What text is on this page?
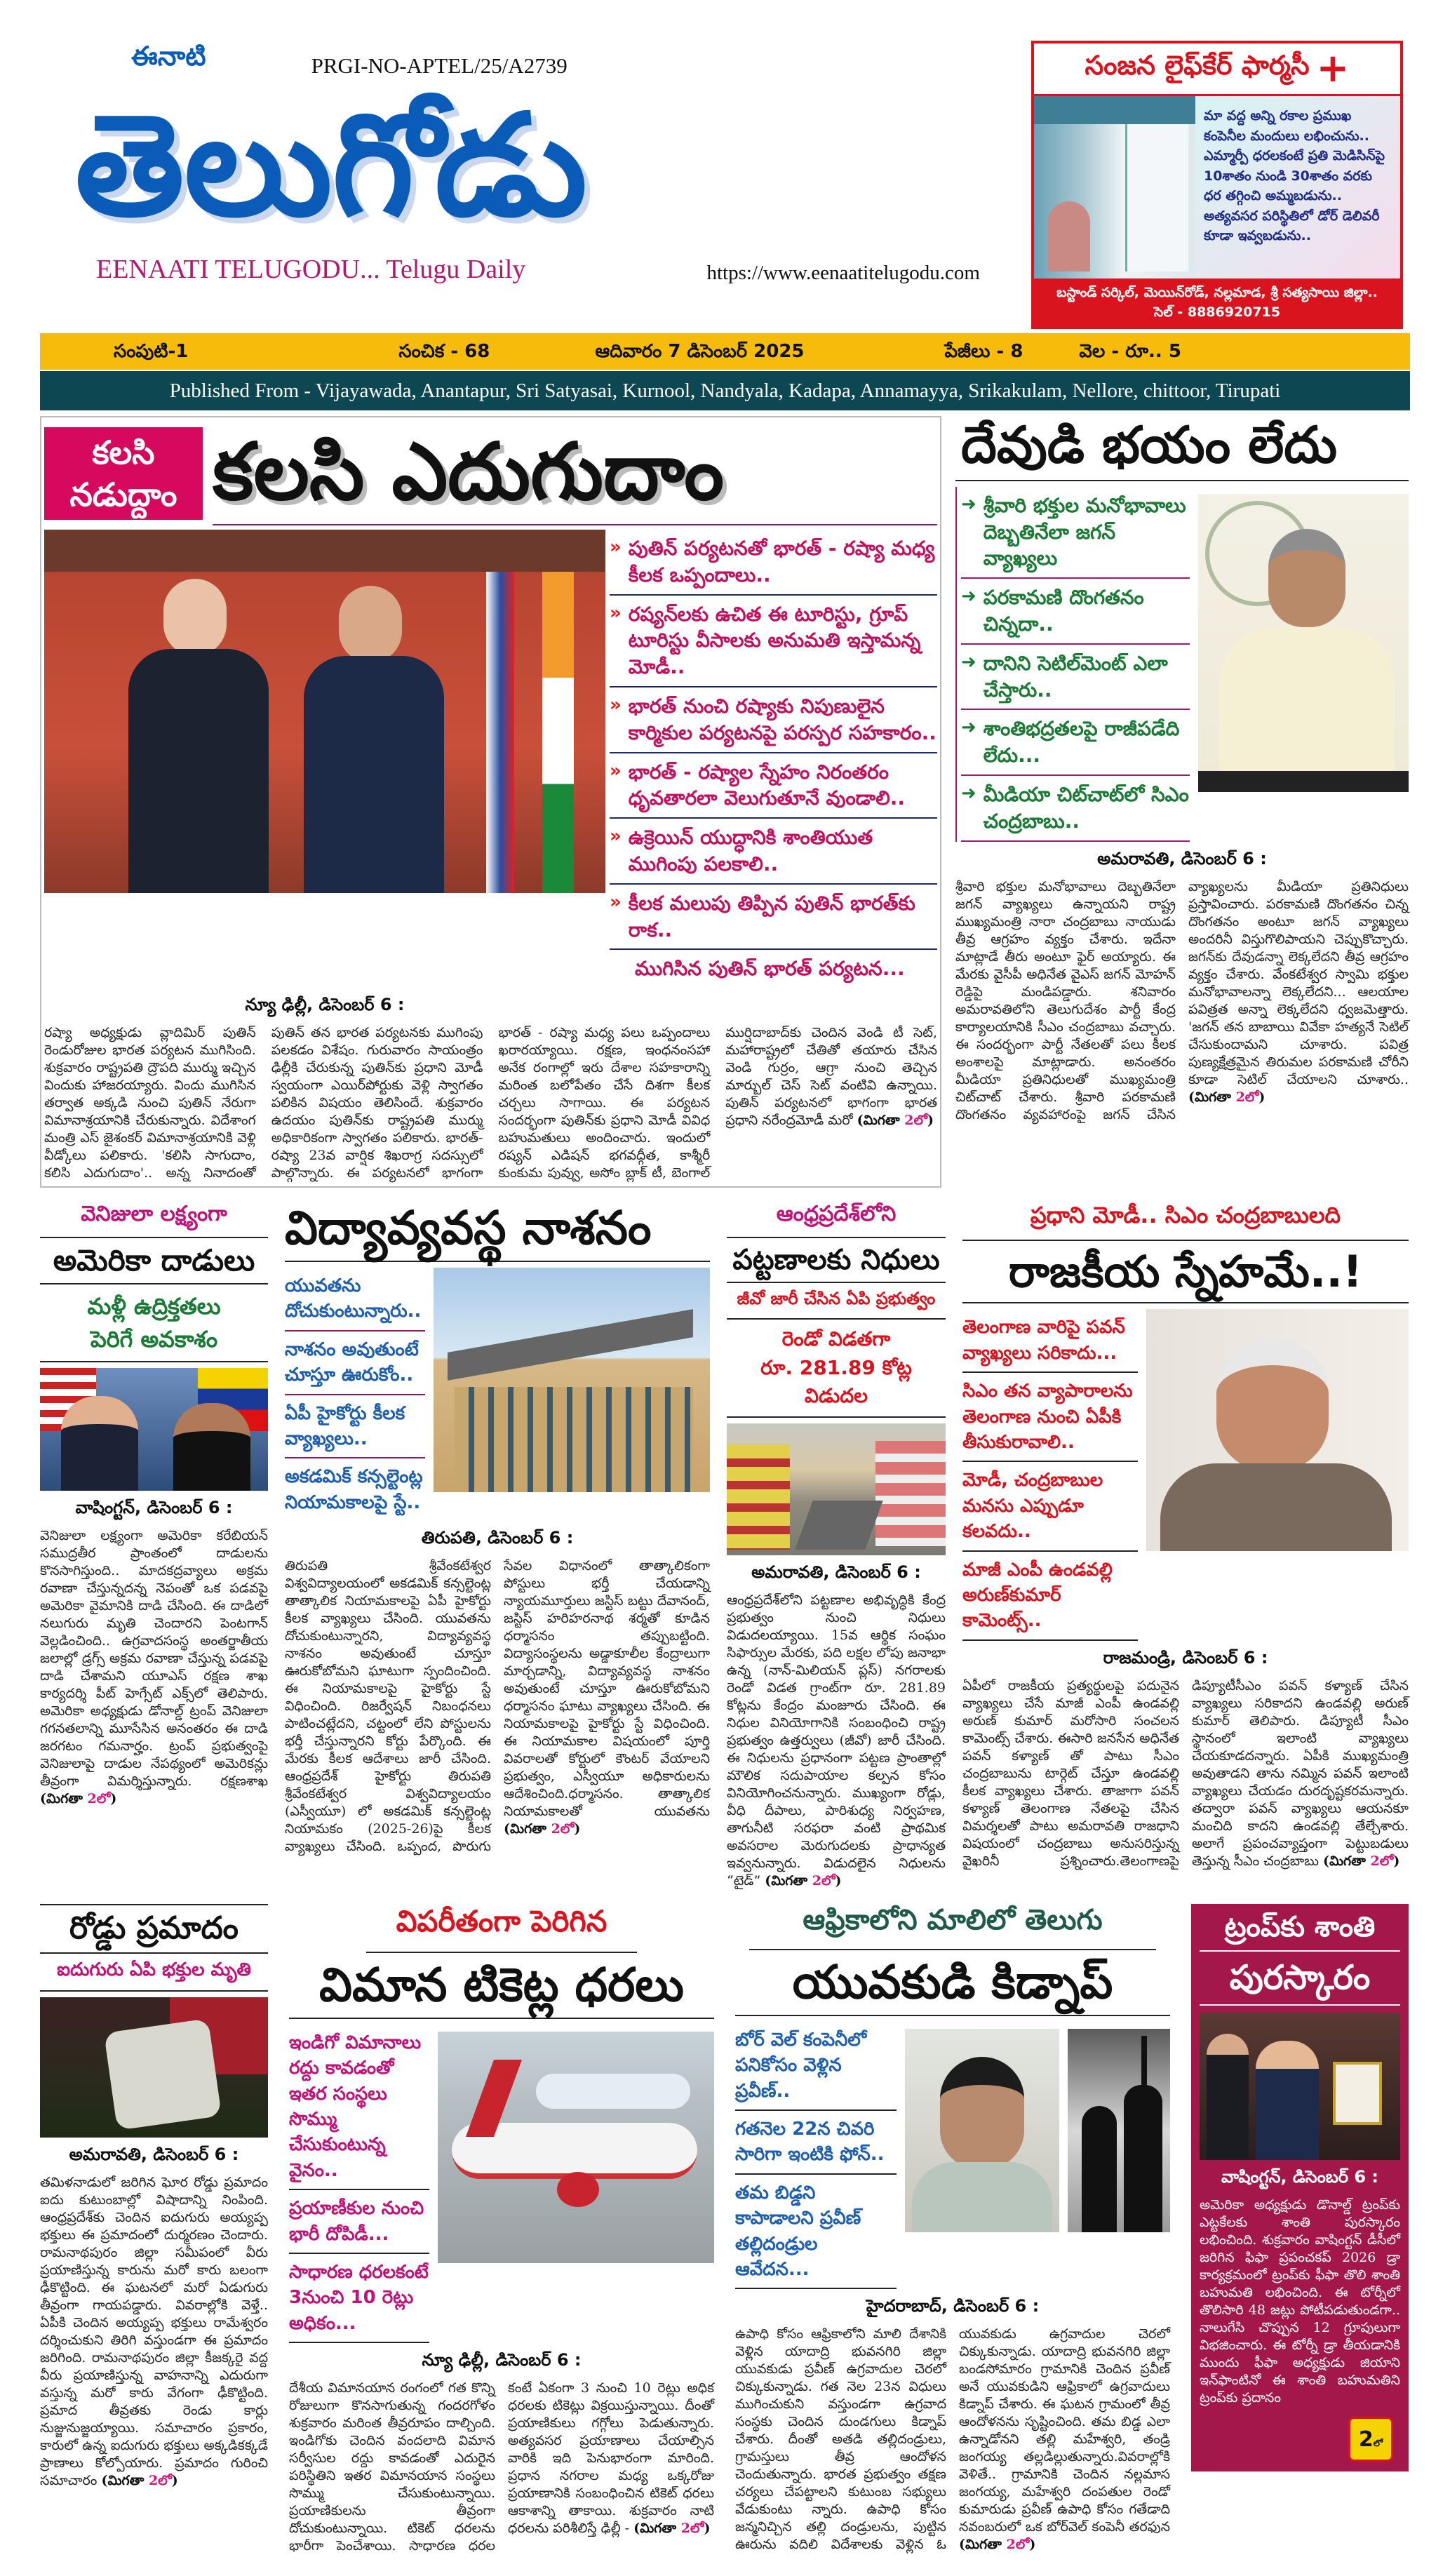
ఈనాటి	PRGI-NO-APTEL/25/A2739
తెలుగోడు
EENAATI TELUGODU... Telugu Daily	https://www.eenaatitelugodu.com
సంజన లైఫ్‌కేర్ ఫార్మసీ +
మా వద్ద అన్ని రకాల ప్రముఖ కంపెనీల మందులు లభించును..
ఎమ్మార్పీ ధరలకంటే ప్రతి మెడిసిన్‌పై 10శాతం నుండి 30శాతం వరకు ధర తగ్గించి అమ్మబడును..
అత్యవసర పరిస్థితిలో డోర్ డెలివరీ కూడా ఇవ్వబడును..
బస్టాండ్ సర్కిల్, మెయిన్‌రోడ్, నల్లమాడ, శ్రీ సత్యసాయి జిల్లా..
సెల్ - 8886920715
సంపుటి-1	సంచిక - 68	ఆదివారం 7 డిసెంబర్ 2025	పేజీలు - 8	వెల - రూ.. 5
Published From - Vijayawada, Anantapur, Sri Satyasai, Kurnool, Nandyala, Kadapa, Annamayya, Srikakulam, Nellore, chittoor, Tirupati
కలసి నడుద్దాం కలసి ఎదుగుదాం
» పుతిన్ పర్యటనతో భారత్ - రష్యా మధ్య కీలక ఒప్పందాలు..
» రష్యన్‌లకు ఉచిత ఈ టూరిస్టు, గ్రూప్ టూరిస్టు వీసాలకు అనుమతి ఇస్తామన్న మోడీ..
» భారత్ నుంచి రష్యాకు నిపుణులైన కార్మికుల పర్యటనపై పరస్పర సహకారం..
» భారత్ - రష్యాల స్నేహం నిరంతరం ధృవతారలా వెలుగుతూనే వుండాలి..
» ఉక్రెయిన్ యుద్ధానికి శాంతియుత ముగింపు పలకాలి..
» కీలక మలుపు తిప్పిన పుతిన్ భారత్‌కు రాక..
ముగిసిన పుతిన్ భారత్ పర్యటన...
న్యూ ఢిల్లీ, డిసెంబర్ 6 :

రష్యా అధ్యక్షుడు వ్లాదిమిర్ పుతిన్ రెండురోజుల భారత పర్యటన ముగిసింది. శుక్రవారం రాష్ట్రపతి ద్రౌపది ముర్ము ఇచ్చిన విందుకు హాజరయ్యారు. విందు ముగిసిన తర్వాత అక్కడి నుంచి పుతిన్ నేరుగా విమానాశ్రయానికి చేరుకున్నారు. విదేశాంగ మంత్రి ఎస్ జైశంకర్ విమానాశ్రయానికి వెళ్లి వీడ్కోలు పలికారు. 'కలిసి సాగుదాం, కలిసి ఎదుగుదాం'.. అన్న నినాదంతో పుతిన్ తన భారత పర్యటనకు ముగింపు పలకడం విశేషం. గురువారం సాయంత్రం ఢిల్లీకి చేరుకున్న పుతిన్‌కు ప్రధాని మోడీ స్వయంగా ఎయిర్‌పోర్టుకు వెళ్లి స్వాగతం పలికిన విషయం తెలిసిందే. శుక్రవారం ఉదయం పుతిన్‌కు రాష్ట్రపతి ముర్ము అధికారికంగా స్వాగతం పలికారు. భారత్- రష్యా 23వ వార్షిక శిఖరాగ్ర సదస్సులో పాల్గొన్నారు. ఈ పర్యటనలో భాగంగా భారత్ - రష్యా మధ్య పలు ఒప్పందాలు ఖరారయ్యాయి. రక్షణ, ఇంధనంసహా అనేక రంగాల్లో ఇరు దేశాల సహకారాన్ని మరింత బలోపేతం చేసే దిశగా కీలక చర్చలు సాగాయి. ఈ పర్యటన సందర్భంగా పుతిన్‌కు ప్రధాని మోడీ వివిధ బహుమతులు అందించారు. ఇందులో రష్యన్ ఎడిషన్ భగవద్గీత, కాశ్మీరీ కుంకుమ పువ్వు, అసోం బ్లాక్ టీ, బెంగాల్ ముర్షిదాబాద్‌కు చెందిన వెండి టీ సెట్, మహారాష్ట్రలో చేతితో తయారు చేసిన వెండి గుర్రం, ఆగ్రా నుంచి తెచ్చిన మార్బుల్ చెస్ సెట్ వంటివి ఉన్నాయి. పుతిన్ పర్యటనలో భాగంగా భారత ప్రధాని నరేంద్రమోడీ మరో (మిగతా 2లో)

దేవుడి భయం లేదు
➜ శ్రీవారి భక్తుల మనోభావాలు దెబ్బతినేలా జగన్ వ్యాఖ్యలు
➜ పరకామణి దొంగతనం చిన్నదా..
➜ దానిని సెటిల్‌మెంట్ ఎలా చేస్తారు..
➜ శాంతిభద్రతలపై రాజీపడేది లేదు...
➜ మీడియా చిట్‌చాట్‌లో సిఎం చంద్రబాబు..
అమరావతి, డిసెంబర్ 6 :

శ్రీవారి భక్తుల మనోభావాలు దెబ్బతినేలా జగన్ వ్యాఖ్యలు ఉన్నాయని రాష్ట్ర ముఖ్యమంత్రి నారా చంద్రబాబు నాయుడు తీవ్ర ఆగ్రహం వ్యక్తం చేశారు. ఇదేనా మాట్లాడే తీరు అంటూ ఫైర్ అయ్యారు. ఈ మేరకు వైసీపీ అధినేత వైఎస్ జగన్ మోహన్ రెడ్డిపై మండిపడ్డారు. శనివారం అమరావతిలోని తెలుగుదేశం పార్టీ కేంద్ర కార్యాలయానికి సీఎం చంద్రబాబు వచ్చారు. ఈ సందర్భంగా పార్టీ నేతలతో పలు కీలక అంశాలపై మాట్లాడారు. అనంతరం మీడియా ప్రతినిధులతో ముఖ్యమంత్రి చిట్‌చాట్ చేశారు. శ్రీవారి పరకామణి దొంగతనం వ్యవహారంపై జగన్ చేసిన వ్యాఖ్యలను మీడియా ప్రతినిధులు ప్రస్తావించారు. పరకామణి దొంగతనం చిన్న దొంగతనం అంటూ జగన్ వ్యాఖ్యలు అందరినీ విస్తుగొలిపాయని చెప్పుకొచ్చారు. జగన్‌కు దేవుడన్నా లెక్కలేదని తీవ్ర ఆగ్రహం వ్యక్తం చేశారు. వేంకటేశ్వర స్వామి భక్తుల మనోభావాలన్నా లెక్కలేదని... ఆలయాల పవిత్రత అన్నా లెక్కలేదని ధ్వజమెత్తారు. 'జగన్ తన బాబాయి వివేకా హత్యనే సెటిల్ చేసుకుందామని చూశారు. పవిత్ర పుణ్యక్షేత్రమైన తిరుమల పరకామణి చోరీని కూడా సెటిల్ చేయాలని చూశారు.. (మిగతా 2లో)

వెనిజులా లక్ష్యంగా
అమెరికా దాడులు
మళ్లీ ఉద్రిక్తతలు
పెరిగే అవకాశం
వాషింగ్టన్, డిసెంబర్ 6 :

వెనిజులా లక్ష్యంగా అమెరికా కరేబియన్ సముద్రతీర ప్రాంతంలో దాడులను కొనసాగిస్తుంది.. మాదకద్రవ్యాలు అక్రమ రవాణా చేస్తున్నదన్న నెపంతో ఒక పడవపై అమెరికా వైమానికి దాడి చేసింది. ఈ దాడిలో నలుగురు మృతి చెందారని పెంటగాన్ వెల్లడించింది.. ఉగ్రవాదసంస్థ అంతర్జాతీయ జలాల్లో డ్రగ్స్ అక్రమ రవాణా చేస్తున్న పడవపై దాడి చేశామని యూఎస్ రక్షణ శాఖ కార్యదర్శి పీట్ హెగ్సేట్ ఎక్స్‌లో తెలిపారు. అమెరికా అధ్యక్షుడు డోనాల్డ్ ట్రంప్ వెనిజులా గగనతలాన్ని మూసేసిన అనంతరం ఈ దాడి జరగటం గమనార్హం. ట్రంప్ ప్రభుత్వంపై వెనిజులాపై దాడుల నేపథ్యంలో అమెరికన్లు తీవ్రంగా విమర్శిస్తున్నారు. రక్షణశాఖ (మిగతా 2లో)

విద్యావ్యవస్థ నాశనం
యువతను దోచుకుంటున్నారు..
నాశనం అవుతుంటే చూస్తూ ఊరుకోం..
ఏపీ హైకోర్టు కీలక వ్యాఖ్యలు..
అకడమిక్ కన్సల్టెంట్ల నియామకాలపై స్టే..
తిరుపతి, డిసెంబర్ 6 :

తిరుపతి శ్రీవేంకటేశ్వర విశ్వవిద్యాలయంలో అకడమిక్ కన్సల్టెంట్ల తాత్కాలిక నియామకాలపై ఏపీ హైకోర్టు కీలక వ్యాఖ్యలు చేసింది. యువతను దోచుకుంటున్నారని, విద్యావ్యవస్థ నాశనం అవుతుంటే చూస్తూ ఊరుకోబోమని ఘాటుగా స్పందించింది. ఈ నియామకాలపై హైకోర్టు స్టే విధించింది. రిజర్వేషన్ నిబంధనలు పాటించట్లేదని, చట్టంలో లేని పోస్టులను భర్తీ చేస్తున్నారని కోర్టు పేర్కొంది. ఈ మేరకు కీలక ఆదేశాలు జారీ చేసింది. ఆంధ్రప్రదేశ్ హైకోర్టు తిరుపతి శ్రీవేంకటేశ్వర విశ్వవిద్యాలయం (ఎస్వీయూ) లో అకడమిక్ కన్సల్టెంట్ల నియామకం (2025-26)పై కీలక వ్యాఖ్యలు చేసింది. ఒప్పంద, పొరుగు సేవల విధానంలో తాత్కాలికంగా పోస్టులు భర్తీ చేయడాన్ని న్యాయమూర్తులు జస్టిస్ బట్టు దేవానంద్, జస్టిస్ హరిహరనాథ శర్మతో కూడిన ధర్మాసనం తప్పుబట్టింది. విద్యాసంస్థలను అడ్డాకూలీల కేంద్రాలుగా మార్చడాన్ని, విద్యావ్యవస్థ నాశనం అవుతుంటే చూస్తూ ఊరుకోబోమని ధర్మాసనం ఘాటు వ్యాఖ్యలు చేసింది. ఈ నియామకాలపై హైకోర్టు స్టే విధించింది. ఈ నియామకాల విషయంలో పూర్తి వివరాలతో కోర్టులో కౌంటర్ వేయాలని ప్రభుత్వం, ఎస్వీయూ అధికారులను ఆదేశించింది.ధర్మాసనం. తాత్కాలిక నియామకాలతో యువతను (మిగతా 2లో)

ఆంధ్రప్రదేశ్‌లోని
పట్టణాలకు నిధులు
జీవో జారీ చేసిన ఏపి ప్రభుత్వం
రెండో విడతగా
రూ. 281.89 కోట్ల విడుదల
అమరావతి, డిసెంబర్ 6 :

ఆంధ్రప్రదేశ్‌లోని పట్టణాల అభివృద్ధికి కేంద్ర ప్రభుత్వం నుంచి నిధులు విడుదలయ్యాయి. 15వ ఆర్థిక సంఘం సిఫార్సుల మేరకు, పది లక్షల లోపు జనాభా ఉన్న (నాన్-మిలియన్ ప్లస్) నగరాలకు రెండో విడత గ్రాంట్‌గా రూ. 281.89 కోట్లను కేంద్రం మంజూరు చేసింది. ఈ నిధుల వినియోగానికి సంబంధించి రాష్ట్ర ప్రభుత్వం ఉత్తర్వులు (జీవో) జారీ చేసింది. ఈ నిధులను ప్రధానంగా పట్టణ ప్రాంతాల్లో మౌలిక సదుపాయాల కల్పన కోసం వినియోగించనున్నారు. ముఖ్యంగా రోడ్లు, వీధి దీపాలు, పారిశుధ్య నిర్వహణ, తాగునీటి సరఫరా వంటి ప్రాథమిక అవసరాల మెరుగుదలకు ప్రాధాన్యత ఇవ్వనున్నారు. విడుదలైన నిధులను “టైడ్” (మిగతా 2లో)

ప్రధాని మోడీ.. సిఎం చంద్రబాబులది
రాజకీయ స్నేహమే..!
తెలంగాణ వారిపై పవన్ వ్యాఖ్యలు సరికాదు...
సిఎం తన వ్యాపారాలను తెలంగాణ నుంచి ఏపీకి తీసుకురావాలి..
మోడీ, చంద్రబాబుల మనసు ఎప్పుడూ కలవదు..
మాజీ ఎంపీ ఉండవల్లి అరుణ్‌కుమార్ కామెంట్స్..
రాజమండ్రి, డిసెంబర్ 6 :

ఏపీలో రాజకీయ ప్రత్యర్థులపై పదునైన వ్యాఖ్యలు చేసే మాజీ ఎంపీ ఉండవల్లి అరుణ్ కుమార్ మరోసారి సంచలన కామెంట్స్ చేశారు. ఈసారి జనసేన అధినేత పవన్ కళ్యాణ్ తో పాటు సీఎం చంద్రబాబును టార్గెట్ చేస్తూ ఉండవల్లి కీలక వ్యాఖ్యలు చేశారు. తాజాగా పవన్ కళ్యాణ్ తెలంగాణ నేతలపై చేసిన విమర్శలతో పాటు అమరావతి రాజధాని విషయంలో చంద్రబాబు అనుసరిస్తున్న వైఖరినీ ప్రశ్నించారు.తెలంగాణపై డిప్యూటీసీఎం పవన్ కళ్యాణ్ చేసిన వ్యాఖ్యలు సరికాదని ఉండవల్లి అరుణ్ కుమార్ తెలిపారు. డిప్యూటీ సీఎం స్థానంలో ఇలాంటి వ్యాఖ్యలు చేయకూడదన్నారు. ఏపీకి ముఖ్యమంత్రి అవుతాడని తాను నమ్మిన పవన్ ఇలాంటి వ్యాఖ్యలు చేయడం దురదృష్టకరమన్నారు. తద్వారా పవన్ వ్యాఖ్యలు ఆయనకూ మంచిది కాదని ఉండవల్లి తేల్చేశారు. అలాగే ప్రపంచవ్యాప్తంగా పెట్టుబడులు తెస్తున్న సీఎం చంద్రబాబు (మిగతా 2లో)

రోడ్డు ప్రమాదం
ఐదుగురు ఏపి భక్తుల మృతి
అమరావతి, డిసెంబర్ 6 :

తమిళనాడులో జరిగిన ఘోర రోడ్డు ప్రమాదం ఐదు కుటుంబాల్లో విషాదాన్ని నింపింది. ఆంధ్రప్రదేశ్‌కు చెందిన ఐదుగురు అయ్యప్ప భక్తులు ఈ ప్రమాదంలో దుర్మరణం చెందారు. రామనాథపురం జిల్లా సమీపంలో వీరు ప్రయాణిస్తున్న కారును మరో కారు బలంగా ఢీకొట్టింది. ఈ ఘటనలో మరో ఏడుగురు తీవ్రంగా గాయపడ్డారు. వివరాల్లోకి వెళ్తే.. ఏపీకి చెందిన అయ్యప్ప భక్తులు రామేశ్వరం దర్శించుకుని తిరిగి వస్తుండగా ఈ ప్రమాదం జరిగింది. రామనాథపురం జిల్లా కీజక్కరై వద్ద వీరు ప్రయాణిస్తున్న వాహనాన్ని ఎదురుగా వస్తున్న మరో కారు వేగంగా ఢీకొట్టింది. ప్రమాద తీవ్రతకు రెండు కార్లు నుజ్జునుజ్జయ్యాయి. సమాచారం ప్రకారం, కారులో ఉన్న ఐదుగురు భక్తులు అక్కడికక్కడే ప్రాణాలు కోల్పోయారు. ప్రమాదం గురించి సమాచారం (మిగతా 2లో)

విపరీతంగా పెరిగిన
విమాన టికెట్ల ధరలు
ఇండిగో విమానాలు రద్దు కావడంతో ఇతర సంస్థలు సొమ్ము చేసుకుంటున్న వైనం..
ప్రయాణీకుల నుంచి భారీ దోపిడీ...
సాధారణ ధరలకంటే 3నుంచి 10 రెట్లు అధికం...
న్యూ ఢిల్లీ, డిసెంబర్ 6 :

దేశీయ విమానయాన రంగంలో గత కొన్ని రోజులుగా కొనసాగుతున్న గందరగోళం శుక్రవారం మరింత తీవ్రరూపం దాల్చింది. ఇండిగోకు చెందిన వందలాది విమాన సర్వీసుల రద్దు కావడంతో ఎదురైన పరిస్థితిని ఇతర విమానయాన సంస్థలు సొమ్ము చేసుకుంటున్నాయి. ప్రయాణికులను తీవ్రంగా దోచుకుంటున్నాయి. టికెట్ ధరలను భారీగా పెంచేశాయి. సాధారణ ధరల కంటే ఏకంగా 3 నుంచి 10 రెట్లు అధిక ధరలకు టికెట్లు విక్రయిస్తున్నాయి. దీంతో ప్రయాణికులు గగ్గోలు పెడుతున్నారు. అత్యవసర ప్రయాణాలు చేయాల్సిన వారికి ఇది పెనుభారంగా మారింది. ప్రధాన నగరాల మధ్య ఒక్కరోజు ప్రయాణానికి సంబంధించిన టికెట్ ధరలు ఆకాశాన్ని తాకాయి. శుక్రవారం నాటి ధరలను పరిశీలిస్తే ఢిల్లీ - (మిగతా 2లో)

ఆఫ్రికాలోని మాలిలో తెలుగు
యువకుడి కిడ్నాప్
బోర్ వెల్ కంపెనీలో పనికోసం వెళ్లిన ప్రవీణ్..
గతనెల 22న చివరి సారిగా ఇంటికి ఫోన్..
తమ బిడ్డని కాపాడాలని ప్రవీణ్ తల్లిదండ్రుల ఆవేదన...
హైదరాబాద్, డిసెంబర్ 6 :

ఉపాధి కోసం ఆఫ్రికాలోని మాలి దేశానికి వెళ్లిన యాదాద్రి భువనగిరి జిల్లా యువకుడు ప్రవీణ్ ఉగ్రవాదుల చెరలో చిక్కుకున్నాడు. గత నెల 23న విధులు ముగించుకుని వస్తుండగా ఉగ్రవాద సంస్థకు చెందిన దుండగులు కిడ్నాప్ చేశారు. దీంతో అతడి తల్లిదండ్రులు, గ్రామస్తులు తీవ్ర ఆందోళన చెందుతున్నారు. భారత ప్రభుత్వం తక్షణ చర్యలు చేపట్టాలని కుటుంబ సభ్యులు వేడుకుంటు న్నారు. ఉపాధి కోసం జన్మనిచ్చిన తల్లి దండ్రులను, పుట్టిన ఊరును వదిలి విదేశాలకు వెళ్లిన ఓ యువకుడు ఉగ్రవాదుల చెరలో చిక్కుకున్నాడు. యాదాద్రి భువనగిరి జిల్లా బండసోమారం గ్రామానికి చెందిన ప్రవీణ్ అనే యువకుడిని ఆఫ్రికాలో ఉగ్రవాదులు కిడ్నాప్ చేశారు. ఈ ఘటన గ్రామంలో తీవ్ర ఆందోళనను సృష్టించింది. తమ బిడ్డ ఎలా ఉన్నాడోనని తల్లి మహేశ్వరి, తండ్రి జంగయ్య తల్లడిల్లుతున్నారు.వివరాల్లోకి వెళితే.. గ్రామానికి చెందిన నల్లమాస జంగయ్య, మహేశ్వరి దంపతుల రెండో కుమారుడు ప్రవీణ్ ఉపాధి కోసం గతేడాది నవంబరులో ఒక బోర్‌వెల్ కంపెనీ తరఫున (మిగతా 2లో)

ట్రంప్‌కు శాంతి
పురస్కారం
వాషింగ్టన్, డిసెంబర్ 6 :

అమెరికా అధ్యక్షుడు డొనాల్డ్ ట్రంప్‌కు ఎట్టకేలకు శాంతి పురస్కారం లభించింది. శుక్రవారం వాషింగ్టన్ డీసీలో జరిగిన ఫిఫా ప్రపంచకప్ 2026 డ్రా కార్యక్రమంలో ట్రంప్‌కు ఫీఫా తొలి శాంతి బహుమతి లభించింది. ఈ టోర్నీలో తొలిసారి 48 జట్లు పోటీపడుతుండగా.. నాలుగేసి చొప్పున 12 గ్రూపులుగా విభజించారు. ఈ టోర్నీ డ్రా తీయడానికి ముందు ఫీఫా అధ్యక్షుడు జియాని ఇన్‌ఫాంటినో ఈ శాంతి బహుమతిని ట్రంప్‌కు ప్రదానం

2లో
